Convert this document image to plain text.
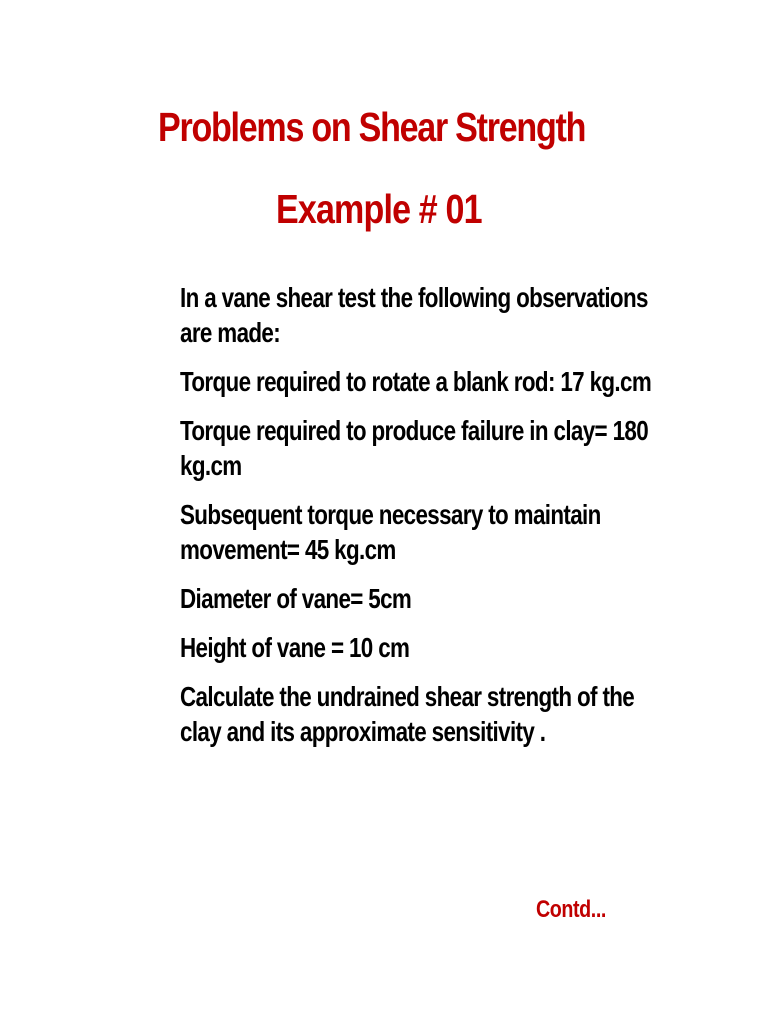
Problems on Shear Strength
Example # 01
In a vane shear test the following observations
are made:
Torque required to rotate a blank rod: 17 kg.cm
Torque required to produce failure in clay= 180
kg.cm
Subsequent torque necessary to maintain
movement= 45 kg.cm
Diameter of vane= 5cm
Height of vane = 10 cm
Calculate the undrained shear strength of the
clay and its approximate sensitivity .
Contd...
